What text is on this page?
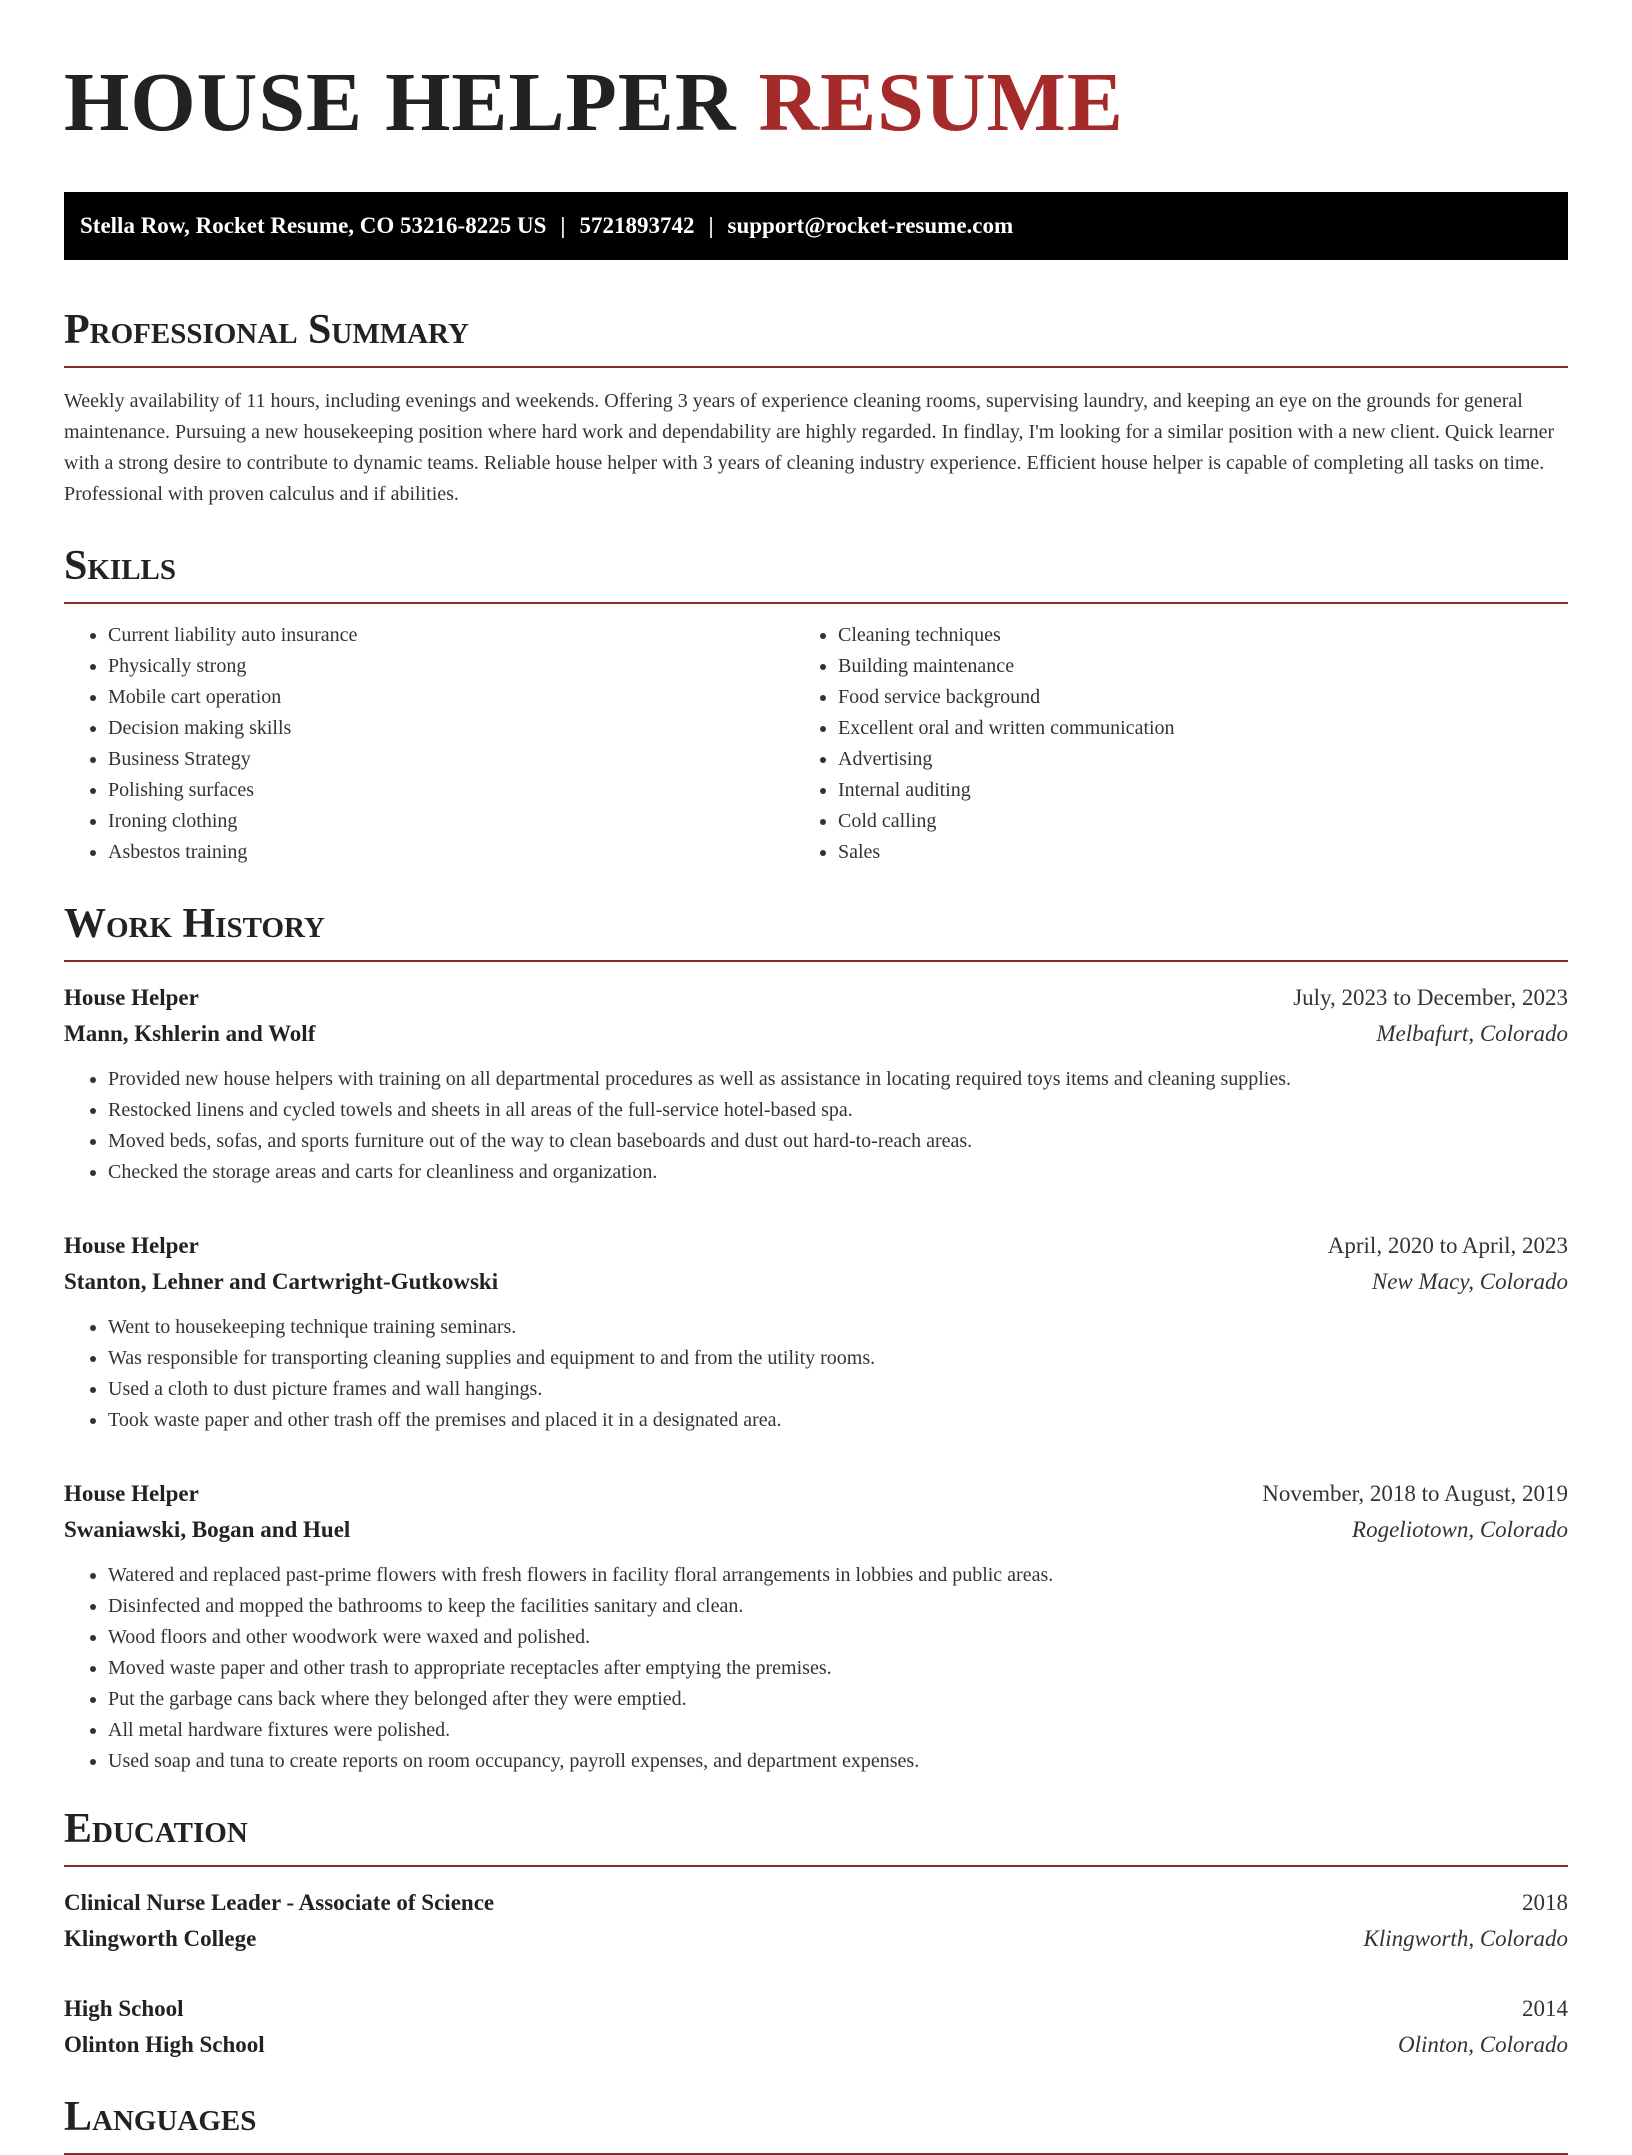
HOUSE HELPER RESUME
Stella Row, Rocket Resume, CO 53216-8225 US | 5721893742 | support@rocket-resume.com
Professional Summary

Weekly availability of 11 hours, including evenings and weekends. Offering 3 years of experience cleaning rooms, supervising laundry, and keeping an eye on the grounds for general maintenance. Pursuing a new housekeeping position where hard work and dependability are highly regarded. In findlay, I'm looking for a similar position with a new client. Quick learner with a strong desire to contribute to dynamic teams. Reliable house helper with 3 years of cleaning industry experience. Efficient house helper is capable of completing all tasks on time. Professional with proven calculus and if abilities.

Skills
• Current liability auto insurance
• Physically strong
• Mobile cart operation
• Decision making skills
• Business Strategy
• Polishing surfaces
• Ironing clothing
• Asbestos training
• Cleaning techniques
• Building maintenance
• Food service background
• Excellent oral and written communication
• Advertising
• Internal auditing
• Cold calling
• Sales
Work History
House Helper	July, 2023 to December, 2023
Mann, Kshlerin and Wolf	Melbafurt, Colorado
• Provided new house helpers with training on all departmental procedures as well as assistance in locating required toys items and cleaning supplies.
• Restocked linens and cycled towels and sheets in all areas of the full-service hotel-based spa.
• Moved beds, sofas, and sports furniture out of the way to clean baseboards and dust out hard-to-reach areas.
• Checked the storage areas and carts for cleanliness and organization.
House Helper	April, 2020 to April, 2023
Stanton, Lehner and Cartwright-Gutkowski	New Macy, Colorado
• Went to housekeeping technique training seminars.
• Was responsible for transporting cleaning supplies and equipment to and from the utility rooms.
• Used a cloth to dust picture frames and wall hangings.
• Took waste paper and other trash off the premises and placed it in a designated area.
House Helper	November, 2018 to August, 2019
Swaniawski, Bogan and Huel	Rogeliotown, Colorado
• Watered and replaced past-prime flowers with fresh flowers in facility floral arrangements in lobbies and public areas.
• Disinfected and mopped the bathrooms to keep the facilities sanitary and clean.
• Wood floors and other woodwork were waxed and polished.
• Moved waste paper and other trash to appropriate receptacles after emptying the premises.
• Put the garbage cans back where they belonged after they were emptied.
• All metal hardware fixtures were polished.
• Used soap and tuna to create reports on room occupancy, payroll expenses, and department expenses.
Education
Clinical Nurse Leader - Associate of Science	2018
Klingworth College	Klingworth, Colorado
High School	2014
Olinton High School	Olinton, Colorado
Languages
